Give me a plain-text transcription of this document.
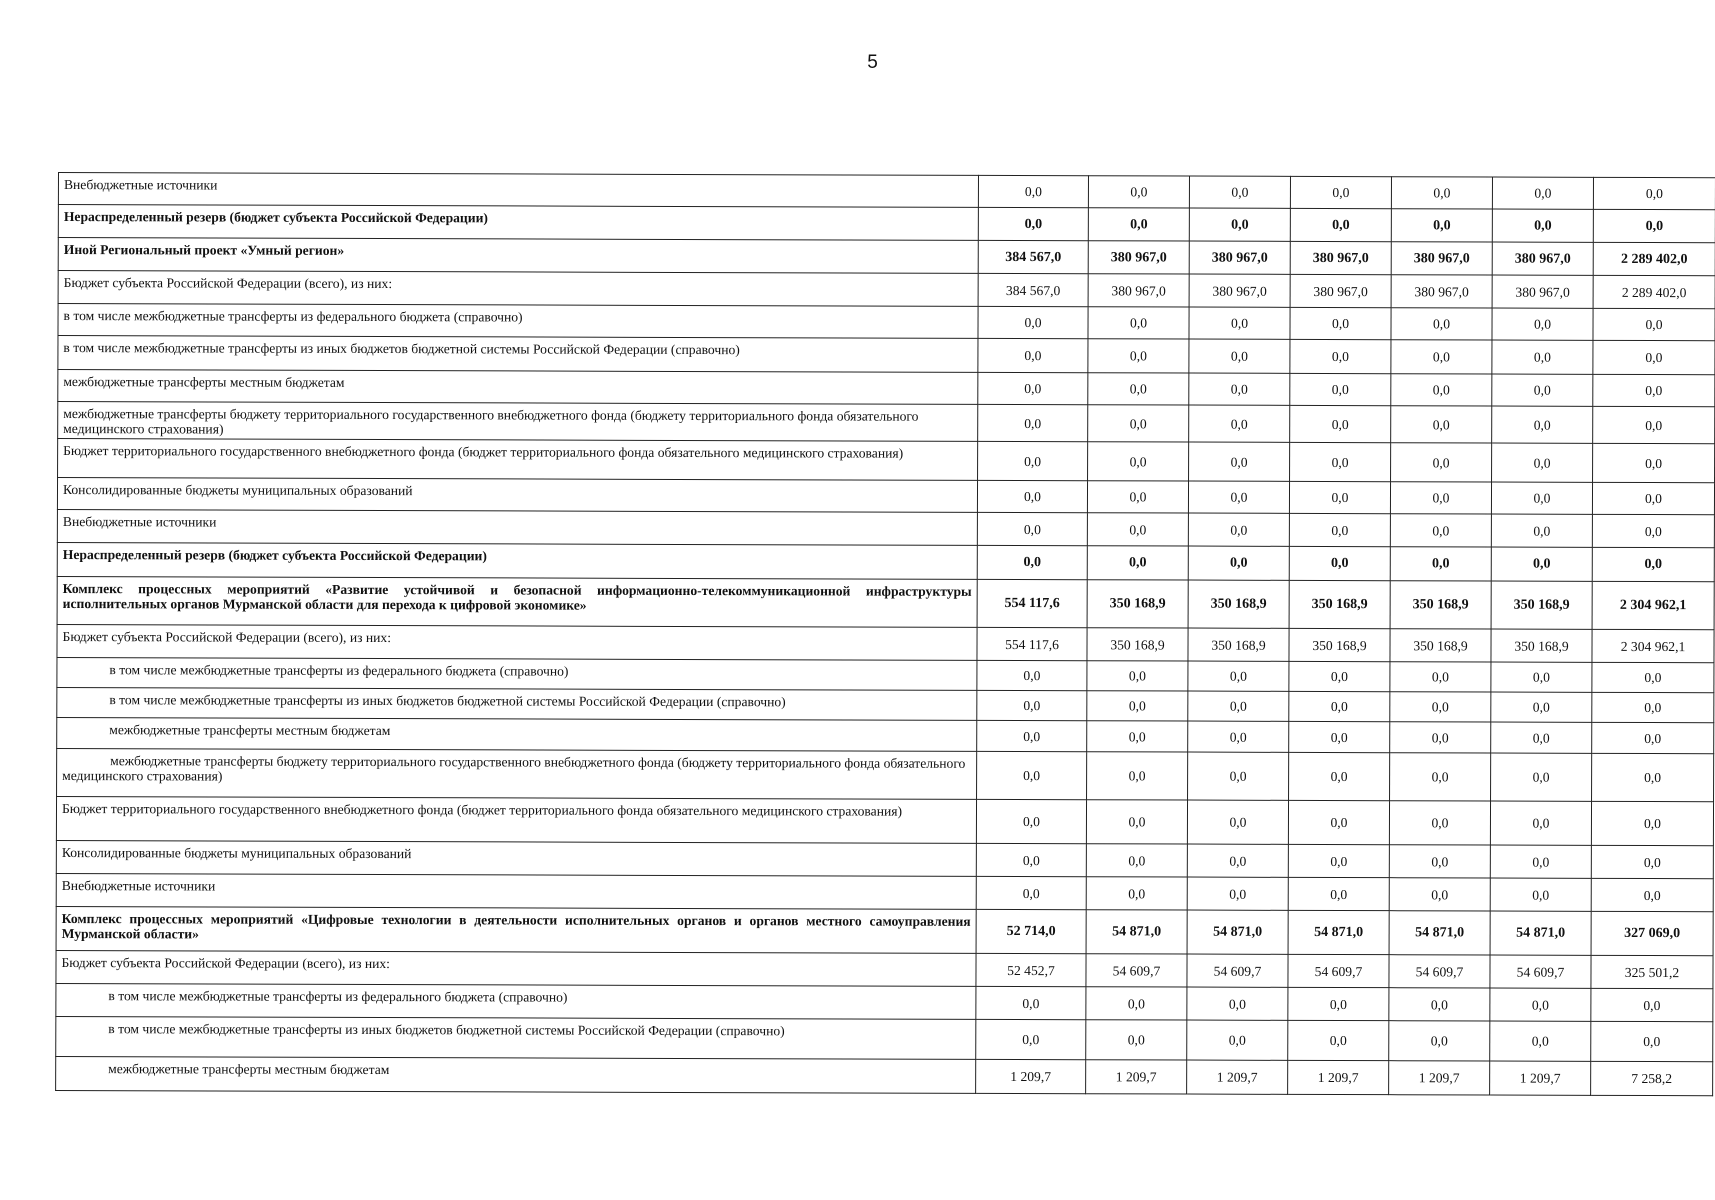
5
Внебюджетные источники	0,0	0,0	0,0	0,0	0,0	0,0	0,0
Нераспределенный резерв (бюджет субъекта Российской Федерации)	0,0	0,0	0,0	0,0	0,0	0,0	0,0
Иной Региональный проект «Умный регион»	384 567,0	380 967,0	380 967,0	380 967,0	380 967,0	380 967,0	2 289 402,0
Бюджет субъекта Российской Федерации (всего), из них:	384 567,0	380 967,0	380 967,0	380 967,0	380 967,0	380 967,0	2 289 402,0
в том числе межбюджетные трансферты из федерального бюджета (справочно)	0,0	0,0	0,0	0,0	0,0	0,0	0,0
в том числе межбюджетные трансферты из иных бюджетов бюджетной системы Российской Федерации (справочно)	0,0	0,0	0,0	0,0	0,0	0,0	0,0
межбюджетные трансферты местным бюджетам	0,0	0,0	0,0	0,0	0,0	0,0	0,0
межбюджетные трансферты бюджету территориального государственного внебюджетного фонда (бюджету территориального фонда обязательного медицинского страхования)	0,0	0,0	0,0	0,0	0,0	0,0	0,0
Бюджет территориального государственного внебюджетного фонда (бюджет территориального фонда обязательного медицинского страхования)	0,0	0,0	0,0	0,0	0,0	0,0	0,0
Консолидированные бюджеты муниципальных образований	0,0	0,0	0,0	0,0	0,0	0,0	0,0
Внебюджетные источники	0,0	0,0	0,0	0,0	0,0	0,0	0,0
Нераспределенный резерв (бюджет субъекта Российской Федерации)	0,0	0,0	0,0	0,0	0,0	0,0	0,0
Комплекс процессных мероприятий «Развитие устойчивой и безопасной информационно-телекоммуникационной инфраструктуры исполнительных органов Мурманской области для перехода к цифровой экономике»	554 117,6	350 168,9	350 168,9	350 168,9	350 168,9	350 168,9	2 304 962,1
Бюджет субъекта Российской Федерации (всего), из них:	554 117,6	350 168,9	350 168,9	350 168,9	350 168,9	350 168,9	2 304 962,1
в том числе межбюджетные трансферты из федерального бюджета (справочно)	0,0	0,0	0,0	0,0	0,0	0,0	0,0
в том числе межбюджетные трансферты из иных бюджетов бюджетной системы Российской Федерации (справочно)	0,0	0,0	0,0	0,0	0,0	0,0	0,0
межбюджетные трансферты местным бюджетам	0,0	0,0	0,0	0,0	0,0	0,0	0,0
межбюджетные трансферты бюджету территориального государственного внебюджетного фонда (бюджету территориального фонда обязательного медицинского страхования)	0,0	0,0	0,0	0,0	0,0	0,0	0,0
Бюджет территориального государственного внебюджетного фонда (бюджет территориального фонда обязательного медицинского страхования)	0,0	0,0	0,0	0,0	0,0	0,0	0,0
Консолидированные бюджеты муниципальных образований	0,0	0,0	0,0	0,0	0,0	0,0	0,0
Внебюджетные источники	0,0	0,0	0,0	0,0	0,0	0,0	0,0
Комплекс процессных мероприятий «Цифровые технологии в деятельности исполнительных органов и органов местного самоуправления Мурманской области»	52 714,0	54 871,0	54 871,0	54 871,0	54 871,0	54 871,0	327 069,0
Бюджет субъекта Российской Федерации (всего), из них:	52 452,7	54 609,7	54 609,7	54 609,7	54 609,7	54 609,7	325 501,2
в том числе межбюджетные трансферты из федерального бюджета (справочно)	0,0	0,0	0,0	0,0	0,0	0,0	0,0
в том числе межбюджетные трансферты из иных бюджетов бюджетной системы Российской Федерации (справочно)	0,0	0,0	0,0	0,0	0,0	0,0	0,0
межбюджетные трансферты местным бюджетам	1 209,7	1 209,7	1 209,7	1 209,7	1 209,7	1 209,7	7 258,2
